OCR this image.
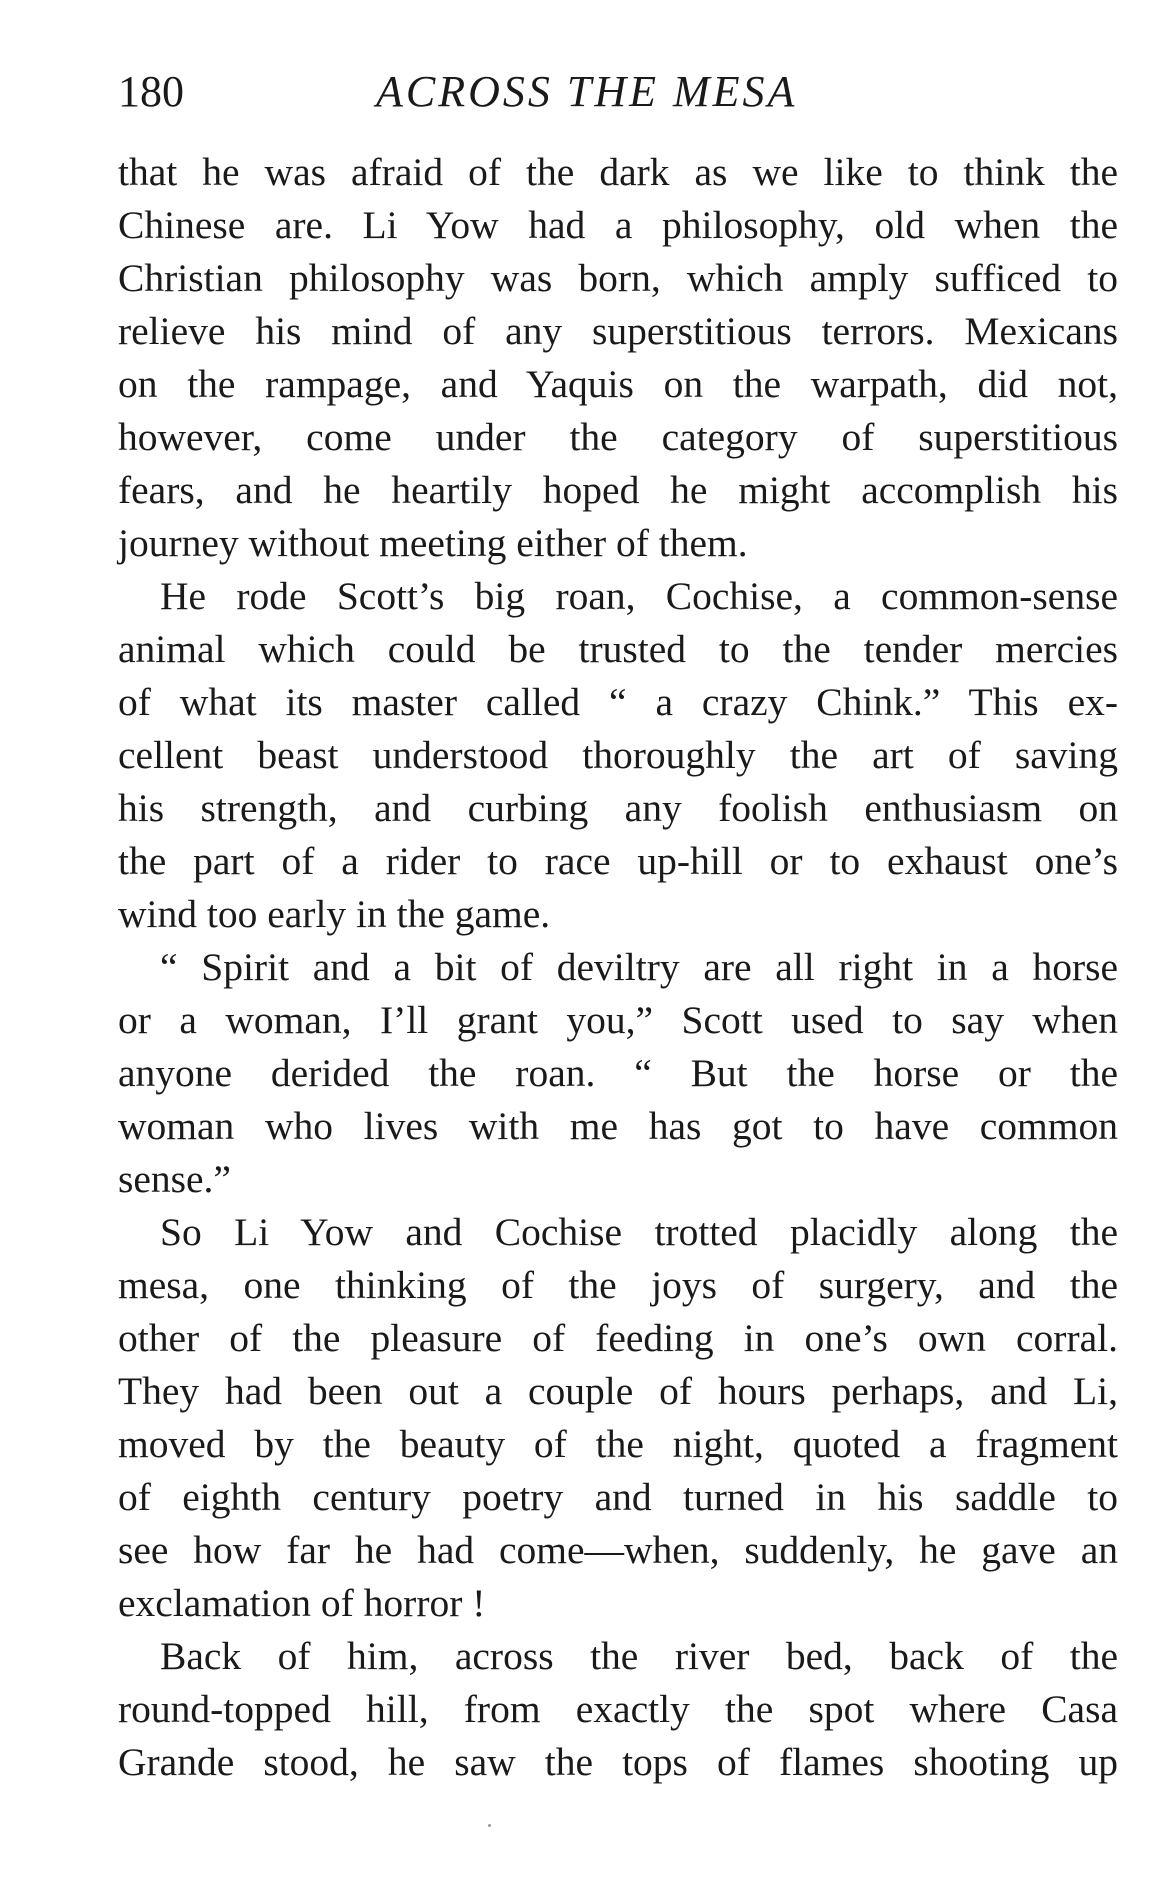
180	ACROSS THE MESA
that he was afraid of the dark as we like to think the
Chinese are. Li Yow had a philosophy, old when the
Christian philosophy was born, which amply sufficed to
relieve his mind of any superstitious terrors. Mexicans
on the rampage, and Yaquis on the warpath, did not,
however, come under the category of superstitious
fears, and he heartily hoped he might accomplish his
journey without meeting either of them.
He rode Scott’s big roan, Cochise, a common-sense
animal which could be trusted to the tender mercies
of what its master called “ a crazy Chink.” This ex-
cellent beast understood thoroughly the art of saving
his strength, and curbing any foolish enthusiasm on
the part of a rider to race up-hill or to exhaust one’s
wind too early in the game.
“ Spirit and a bit of deviltry are all right in a horse
or a woman, I’ll grant you,” Scott used to say when
anyone derided the roan. “ But the horse or the
woman who lives with me has got to have common
sense.”
So Li Yow and Cochise trotted placidly along the
mesa, one thinking of the joys of surgery, and the
other of the pleasure of feeding in one’s own corral.
They had been out a couple of hours perhaps, and Li,
moved by the beauty of the night, quoted a fragment
of eighth century poetry and turned in his saddle to
see how far he had come—when, suddenly, he gave an
exclamation of horror !
Back of him, across the river bed, back of the
round-topped hill, from exactly the spot where Casa
Grande stood, he saw the tops of flames shooting up
